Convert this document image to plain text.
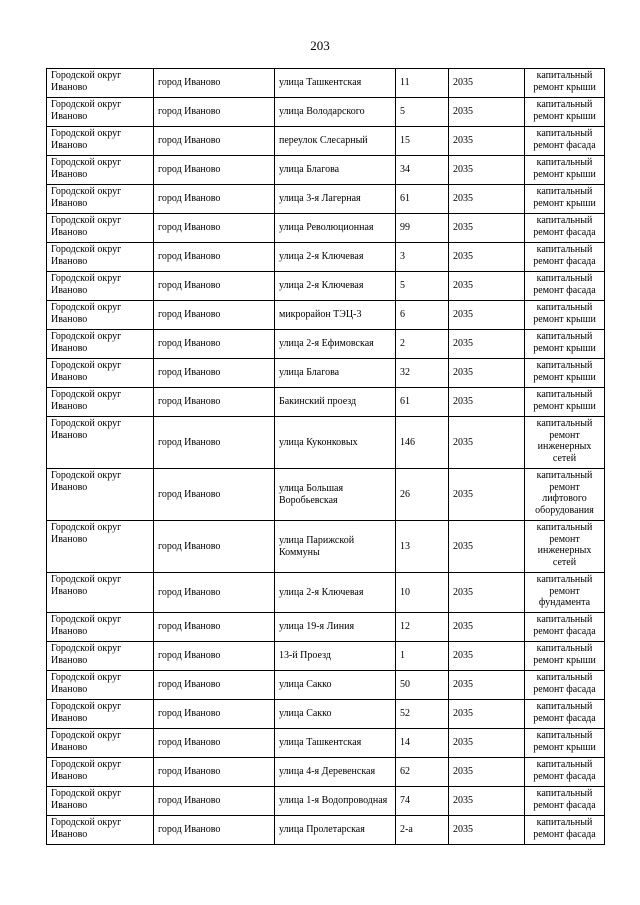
203
Городской округ Иваново	город Иваново	улица Ташкентская	11	2035	капитальный ремонт крыши
Городской округ Иваново	город Иваново	улица Володарского	5	2035	капитальный ремонт крыши
Городской округ Иваново	город Иваново	переулок Слесарный	15	2035	капитальный ремонт фасада
Городской округ Иваново	город Иваново	улица Благова	34	2035	капитальный ремонт крыши
Городской округ Иваново	город Иваново	улица 3-я Лагерная	61	2035	капитальный ремонт крыши
Городской округ Иваново	город Иваново	улица Революционная	99	2035	капитальный ремонт фасада
Городской округ Иваново	город Иваново	улица 2-я Ключевая	3	2035	капитальный ремонт фасада
Городской округ Иваново	город Иваново	улица 2-я Ключевая	5	2035	капитальный ремонт фасада
Городской округ Иваново	город Иваново	микрорайон ТЭЦ-3	6	2035	капитальный ремонт крыши
Городской округ Иваново	город Иваново	улица 2-я Ефимовская	2	2035	капитальный ремонт крыши
Городской округ Иваново	город Иваново	улица Благова	32	2035	капитальный ремонт крыши
Городской округ Иваново	город Иваново	Бакинский проезд	61	2035	капитальный ремонт крыши
Городской округ Иваново	город Иваново	улица Куконковых	146	2035	капитальный ремонт инженерных сетей
Городской округ Иваново	город Иваново	улица Большая Воробьевская	26	2035	капитальный ремонт лифтового оборудования
Городской округ Иваново	город Иваново	улица Парижской Коммуны	13	2035	капитальный ремонт инженерных сетей
Городской округ Иваново	город Иваново	улица 2-я Ключевая	10	2035	капитальный ремонт фундамента
Городской округ Иваново	город Иваново	улица 19-я Линия	12	2035	капитальный ремонт фасада
Городской округ Иваново	город Иваново	13-й Проезд	1	2035	капитальный ремонт крыши
Городской округ Иваново	город Иваново	улица Сакко	50	2035	капитальный ремонт фасада
Городской округ Иваново	город Иваново	улица Сакко	52	2035	капитальный ремонт фасада
Городской округ Иваново	город Иваново	улица Ташкентская	14	2035	капитальный ремонт крыши
Городской округ Иваново	город Иваново	улица 4-я Деревенская	62	2035	капитальный ремонт фасада
Городской округ Иваново	город Иваново	улица 1-я Водопроводная	74	2035	капитальный ремонт фасада
Городской округ Иваново	город Иваново	улица Пролетарская	2-а	2035	капитальный ремонт фасада
